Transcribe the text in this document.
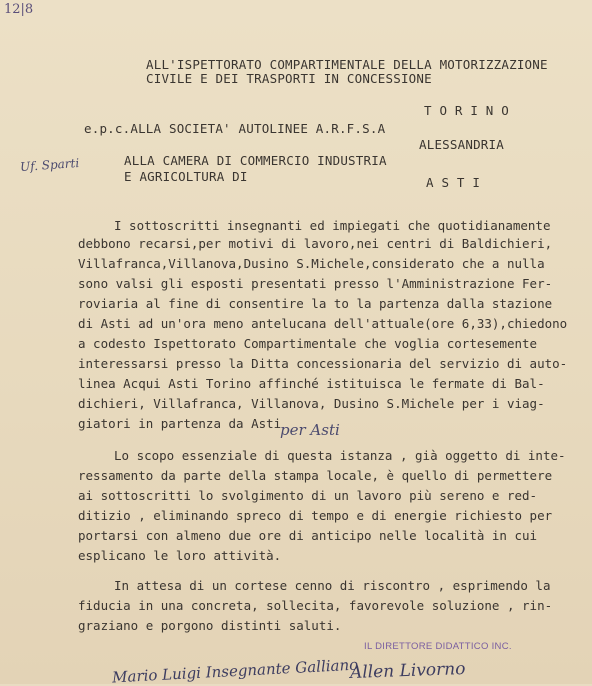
12|8
ALL'ISPETTORATO COMPARTIMENTALE DELLA MOTORIZZAZIONE
CIVILE E DEI TRASPORTI IN CONCESSIONE
T O R I N O
e.p.c.ALLA SOCIETA' AUTOLINEE A.R.F.S.A
ALESSANDRIA
Uf. Sparti	ALLA CAMERA DI COMMERCIO INDUSTRIA
E AGRICOLTURA DI	A S T I
I sottoscritti insegnanti ed impiegati che quotidianamente
debbono recarsi,per motivi di lavoro,nei centri di Baldichieri,
Villafranca,Villanova,Dusino S.Michele,considerato che a nulla
sono valsi gli esposti presentati presso l'Amministrazione Fer-
roviaria al fine di consentire la to la partenza dalla stazione
di Asti ad un'ora meno antelucana dell'attuale(ore 6,33),chiedono
a codesto Ispettorato Compartimentale che voglia cortesemente
interessarsi presso la Ditta concessionaria del servizio di auto-
linea Acqui Asti Torino affinché istituisca le fermate di Bal-
dichieri, Villafranca, Villanova, Dusino S.Michele per i viag-
giatori in partenza da Asti
per Asti
Lo scopo essenziale di questa istanza , già oggetto di inte-
ressamento da parte della stampa locale, è quello di permettere
ai sottoscritti lo svolgimento di un lavoro più sereno e red-
ditizio , eliminando spreco di tempo e di energie richiesto per
portarsi con almeno due ore di anticipo nelle località in cui
esplicano le loro attività.
In attesa di un cortese cenno di riscontro , esprimendo la
fiducia in una concreta, sollecita, favorevole soluzione , rin-
graziano e porgono distinti saluti.
IL DIRETTORE DIDATTICO INC.
Mario Luigi Insegnante Galliano
Allen Livorno
